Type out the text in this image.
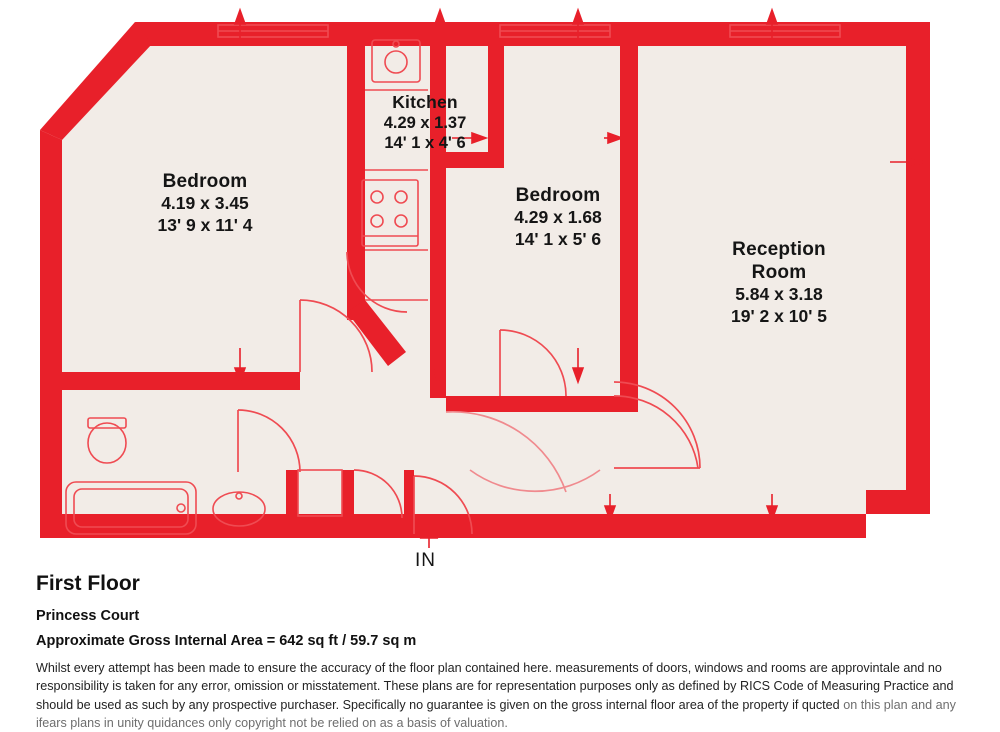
Kitchen
4.29 x 1.37
14' 1 x 4' 6
Bedroom
4.19 x 3.45
13' 9 x 11' 4
Bedroom
4.29 x 1.68
14' 1 x 5' 6
Reception
Room
5.84 x 3.18
19' 2 x 10' 5
IN
First Floor
Princess Court
Approximate Gross Internal Area = 642 sq ft / 59.7 sq m
Whilst every attempt has been made to ensure the accuracy of the floor plan contained here. measurements of doors, windows and rooms are approvintale and no responsibility is taken for any error, omission or misstatement. These plans are for representation purposes only as defined by RICS Code of Measuring Practice and should be used as such by any prospective purchaser. Specifically no guarantee is given on the gross internal floor area of the property if qucted on this plan and any ifears plans in unity quidances only copyright not be relied on as a basis of valuation.
